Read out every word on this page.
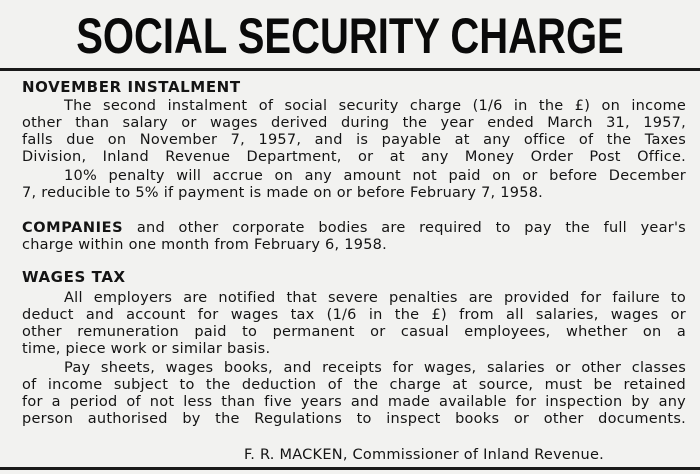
SOCIAL SECURITY CHARGE
NOVEMBER INSTALMENT
The second instalment of social security charge (1/6 in the £) on income
other than salary or wages derived during the year ended March 31, 1957,
falls due on November 7, 1957, and is payable at any office of the Taxes
Division, Inland Revenue Department, or at any Money Order Post Office.
10% penalty will accrue on any amount not paid on or before December
7, reducible to 5% if payment is made on or before February 7, 1958.
COMPANIES and other corporate bodies are required to pay the full year's
charge within one month from February 6, 1958.
WAGES TAX
All employers are notified that severe penalties are provided for failure to
deduct and account for wages tax (1/6 in the £) from all salaries, wages or
other remuneration paid to permanent or casual employees, whether on a
time, piece work or similar basis.
Pay sheets, wages books, and receipts for wages, salaries or other classes
of income subject to the deduction of the charge at source, must be retained
for a period of not less than five years and made available for inspection by any
person authorised by the Regulations to inspect books or other documents.
F. R. MACKEN, Commissioner of Inland Revenue.
